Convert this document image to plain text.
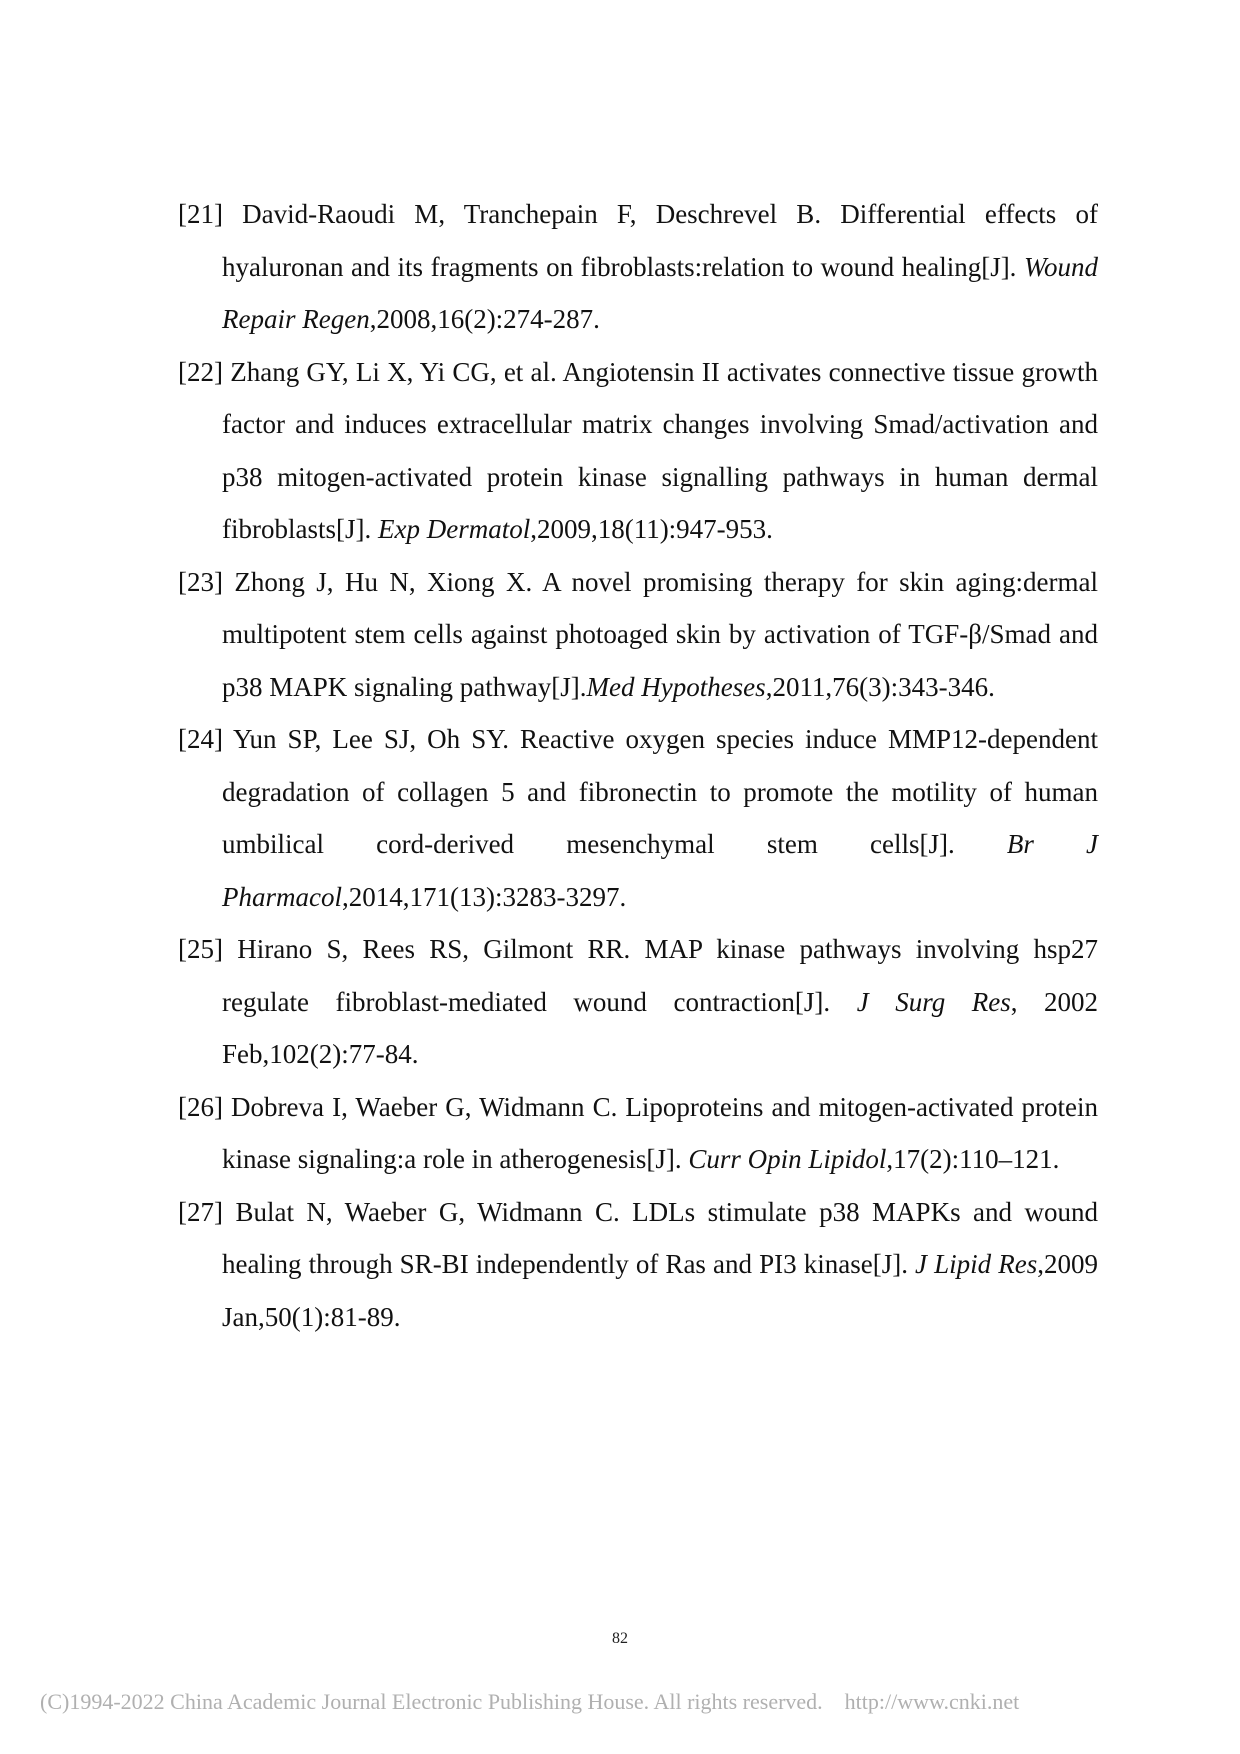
[21] David-Raoudi M, Tranchepain F, Deschrevel B. Differential effects of hyaluronan and its fragments on fibroblasts:relation to wound healing[J]. Wound Repair Regen,2008,16(2):274-287.
[22] Zhang GY, Li X, Yi CG, et al. Angiotensin II activates connective tissue growth factor and induces extracellular matrix changes involving Smad/activation and p38 mitogen-activated protein kinase signalling pathways in human dermal fibroblasts[J]. Exp Dermatol,2009,18(11):947-953.
[23] Zhong J, Hu N, Xiong X. A novel promising therapy for skin aging:dermal multipotent stem cells against photoaged skin by activation of TGF-β/Smad and p38 MAPK signaling pathway[J].Med Hypotheses,2011,76(3):343-346.
[24] Yun SP, Lee SJ, Oh SY. Reactive oxygen species induce MMP12-dependent degradation of collagen 5 and fibronectin to promote the motility of human umbilical cord-derived mesenchymal stem cells[J]. Br J Pharmacol,2014,171(13):3283-3297.
[25] Hirano S, Rees RS, Gilmont RR. MAP kinase pathways involving hsp27 regulate fibroblast-mediated wound contraction[J]. J Surg Res, 2002 Feb,102(2):77-84.
[26] Dobreva I, Waeber G, Widmann C. Lipoproteins and mitogen-activated protein kinase signaling:a role in atherogenesis[J]. Curr Opin Lipidol,17(2):110–121.
[27] Bulat N, Waeber G, Widmann C. LDLs stimulate p38 MAPKs and wound healing through SR-BI independently of Ras and PI3 kinase[J]. J Lipid Res,2009 Jan,50(1):81-89.
82
(C)1994-2022 China Academic Journal Electronic Publishing House. All rights reserved.    http://www.cnki.net
